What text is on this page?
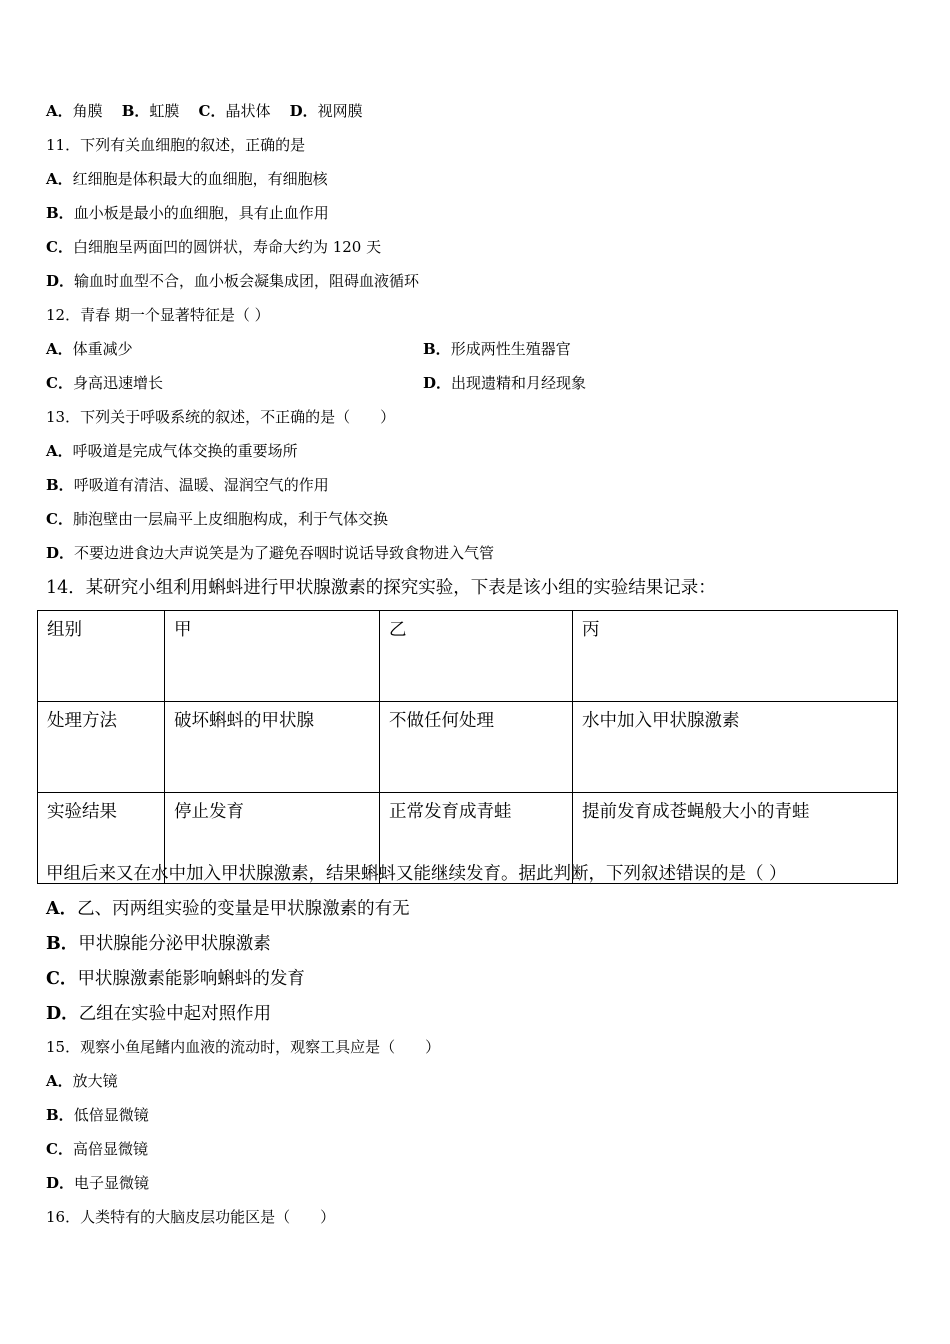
A．角膜 B．虹膜 C．晶状体 D．视网膜
11．下列有关血细胞的叙述，正确的是
A．红细胞是体积最大的血细胞，有细胞核
B．血小板是最小的血细胞，具有止血作用
C．白细胞呈两面凹的圆饼状，寿命大约为 120 天
D．输血时血型不合，血小板会凝集成团，阻碍血液循环
12．青春 期一个显著特征是（ ）
A．体重减少	B．形成两性生殖器官
C．身高迅速增长	D．出现遗精和月经现象
13．下列关于呼吸系统的叙述，不正确的是（　　）
A．呼吸道是完成气体交换的重要场所
B．呼吸道有清洁、温暖、湿润空气的作用
C．肺泡壁由一层扁平上皮细胞构成，利于气体交换
D．不要边进食边大声说笑是为了避免吞咽时说话导致食物进入气管
14．某研究小组利用蝌蚪进行甲状腺激素的探究实验，下表是该小组的实验结果记录：
组别	甲	乙	丙
处理方法	破坏蝌蚪的甲状腺	不做任何处理	水中加入甲状腺激素
实验结果	停止发育	正常发育成青蛙	提前发育成苍蝇般大小的青蛙
甲组后来又在水中加入甲状腺激素，结果蝌蚪又能继续发育。据此判断，下列叙述错误的是（ ）
A．乙、丙两组实验的变量是甲状腺激素的有无
B．甲状腺能分泌甲状腺激素
C．甲状腺激素能影响蝌蚪的发育
D．乙组在实验中起对照作用
15．观察小鱼尾鳍内血液的流动时，观察工具应是（　　）
A．放大镜
B．低倍显微镜
C．高倍显微镜
D．电子显微镜
16．人类特有的大脑皮层功能区是（　　）
